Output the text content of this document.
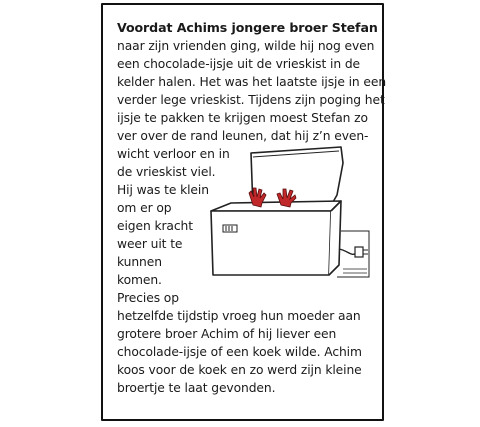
Voordat Achims jongere broer Stefan
naar zijn vrienden ging, wilde hij nog even
een chocolade-ijsje uit de vrieskist in de
kelder halen. Het was het laatste ijsje in een
verder lege vrieskist. Tijdens zijn poging het
ijsje te pakken te krijgen moest Stefan zo
ver over de rand leunen, dat hij z’n even-
wicht verloor en in
de vrieskist viel.
Hij was te klein
om er op
eigen kracht
weer uit te
kunnen
komen.
Precies op
hetzelfde tijdstip vroeg hun moeder aan
grotere broer Achim of hij liever een
chocolade-ijsje of een koek wilde. Achim
koos voor de koek en zo werd zijn kleine
broertje te laat gevonden.
